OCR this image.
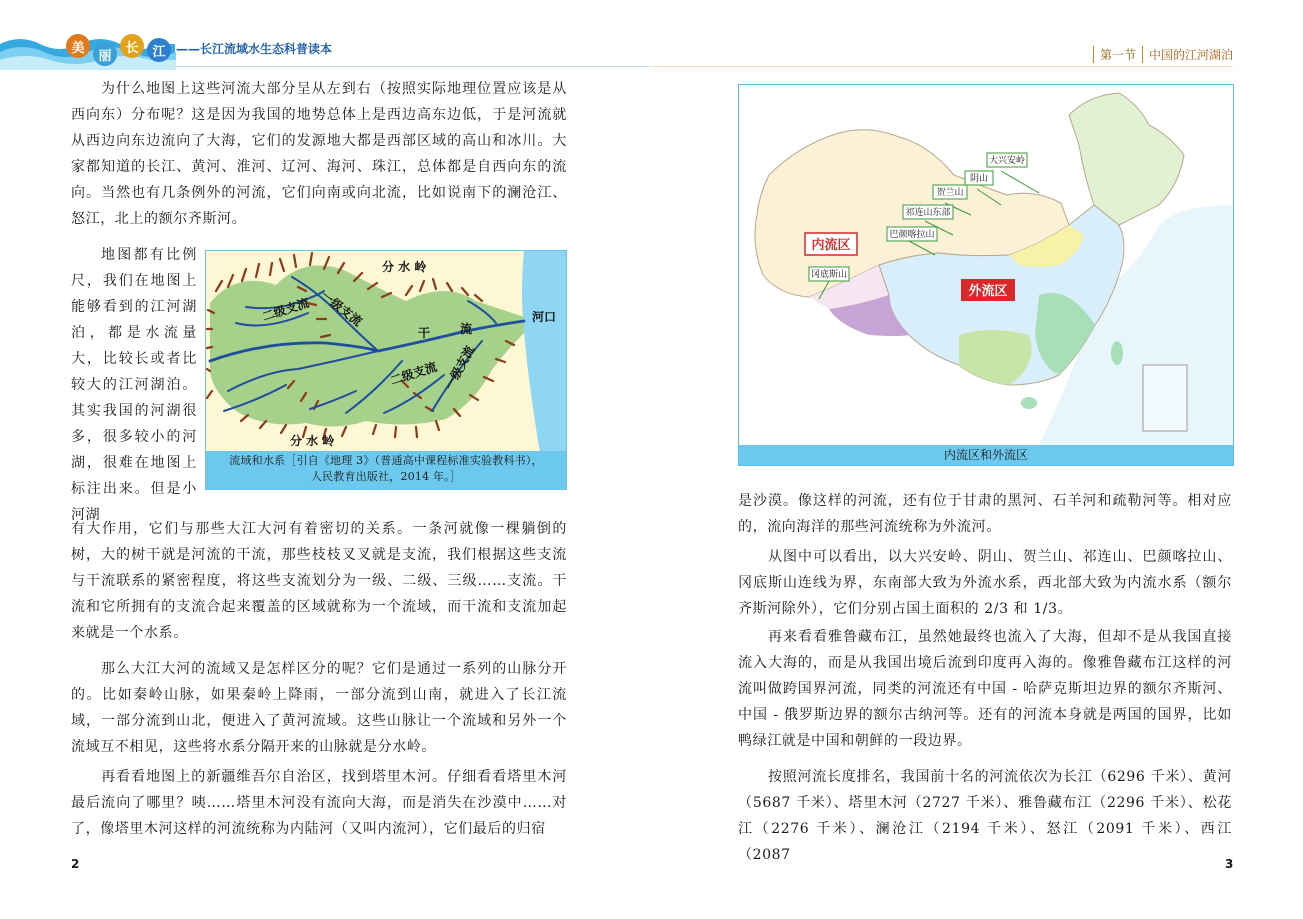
美
丽
长	江 ——长江流域水生态科普读本

为什么地图上这些河流大部分呈从左到右（按照实际地理位置应该是从西向东）分布呢？这是因为我国的地势总体上是西边高东边低，于是河流就从西边向东边流向了大海，它们的发源地大都是西部区域的高山和冰川。大家都知道的长江、黄河、淮河、辽河、海河、珠江，总体都是自西向东的流向。当然也有几条例外的河流，它们向南或向北流，比如说南下的澜沧江、怒江，北上的额尔齐斯河。

地图都有比例尺，我们在地图上能够看到的江河湖泊，都是水流量大，比较长或者比较大的江河湖泊。其实我国的河湖很多，很多较小的河湖，很难在地图上标注出来。但是小河湖

有大作用，它们与那些大江大河有着密切的关系。一条河就像一棵躺倒的树，大的树干就是河流的干流，那些枝枝叉叉就是支流，我们根据这些支流与干流联系的紧密程度，将这些支流划分为一级、二级、三级……支流。干流和它所拥有的支流合起来覆盖的区域就称为一个流域，而干流和支流加起来就是一个水系。

那么大江大河的流域又是怎样区分的呢？它们是通过一系列的山脉分开的。比如秦岭山脉，如果秦岭上降雨，一部分流到山南，就进入了长江流域，一部分流到山北，便进入了黄河流域。这些山脉让一个流域和另外一个流域互不相见，这些将水系分隔开来的山脉就是分水岭。

再看看地图上的新疆维吾尔自治区，找到塔里木河。仔细看看塔里木河最后流向了哪里？咦……塔里木河没有流向大海，而是消失在沙漠中……对了，像塔里木河这样的河流统称为内陆河（又叫内流河），它们最后的归宿

分 水 岭
一级支流
二级支流
干 流
二级支流 一级支流
分 水 岭
河口
流域和水系［引自《地理 3》（普通高中课程标准实验教科书），
人民教育出版社，2014 年。］
2
第一节	中国的江河湖泊
内流区
外流区
大兴安岭
阴山
贺兰山
祁连山东部
巴颜喀拉山
冈底斯山
内流区和外流区

是沙漠。像这样的河流，还有位于甘肃的黑河、石羊河和疏勒河等。相对应的，流向海洋的那些河流统称为外流河。

从图中可以看出，以大兴安岭、阴山、贺兰山、祁连山、巴颜喀拉山、冈底斯山连线为界，东南部大致为外流水系，西北部大致为内流水系（额尔齐斯河除外），它们分别占国土面积的 2/3 和 1/3。

再来看看雅鲁藏布江，虽然她最终也流入了大海，但却不是从我国直接流入大海的，而是从我国出境后流到印度再入海的。像雅鲁藏布江这样的河流叫做跨国界河流，同类的河流还有中国 - 哈萨克斯坦边界的额尔齐斯河、中国 - 俄罗斯边界的额尔古纳河等。还有的河流本身就是两国的国界，比如鸭绿江就是中国和朝鲜的一段边界。

按照河流长度排名，我国前十名的河流依次为长江（6296 千米）、黄河（5687 千米）、塔里木河（2727 千米）、雅鲁藏布江（2296 千米）、松花江（2276 千米）、澜沧江（2194 千米）、怒江（2091 千米）、西江（2087

3
